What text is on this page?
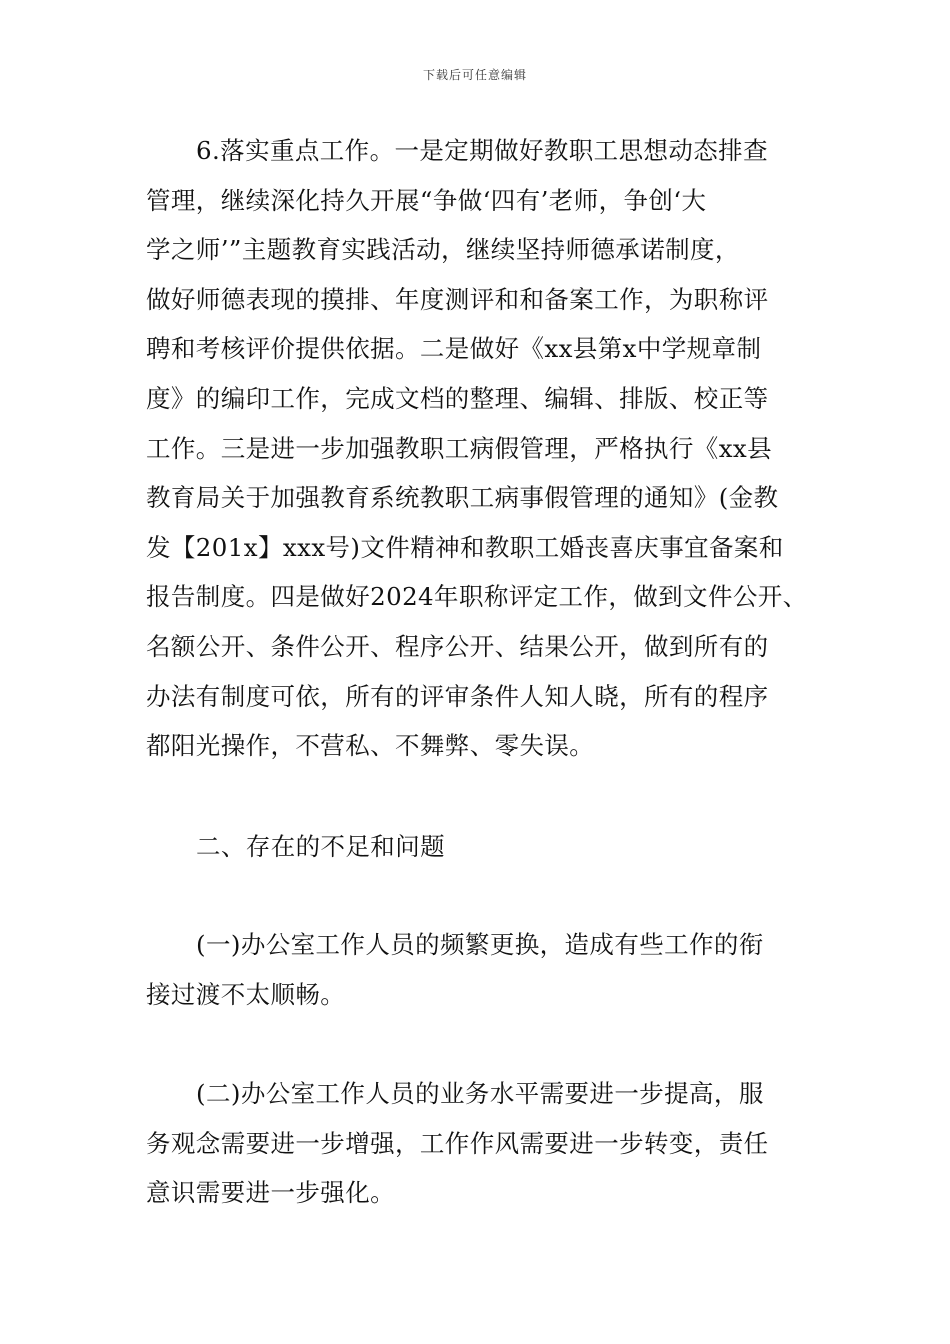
下载后可任意编辑
6.落实重点工作。一是定期做好教职工思想动态排查
管理，继续深化持久开展“争做‘四有’老师，争创‘大
学之师’”主题教育实践活动，继续坚持师德承诺制度，
做好师德表现的摸排、年度测评和和备案工作，为职称评
聘和考核评价提供依据。二是做好《xx县第x中学规章制
度》的编印工作，完成文档的整理、编辑、排版、校正等
工作。三是进一步加强教职工病假管理，严格执行《xx县
教育局关于加强教育系统教职工病事假管理的通知》(金教
发【201x】xxx号)文件精神和教职工婚丧喜庆事宜备案和
报告制度。四是做好2024年职称评定工作，做到文件公开、
名额公开、条件公开、程序公开、结果公开，做到所有的
办法有制度可依，所有的评审条件人知人晓，所有的程序
都阳光操作，不营私、不舞弊、零失误。
二、存在的不足和问题
(一)办公室工作人员的频繁更换，造成有些工作的衔
接过渡不太顺畅。
(二)办公室工作人员的业务水平需要进一步提高，服
务观念需要进一步增强，工作作风需要进一步转变，责任
意识需要进一步强化。
